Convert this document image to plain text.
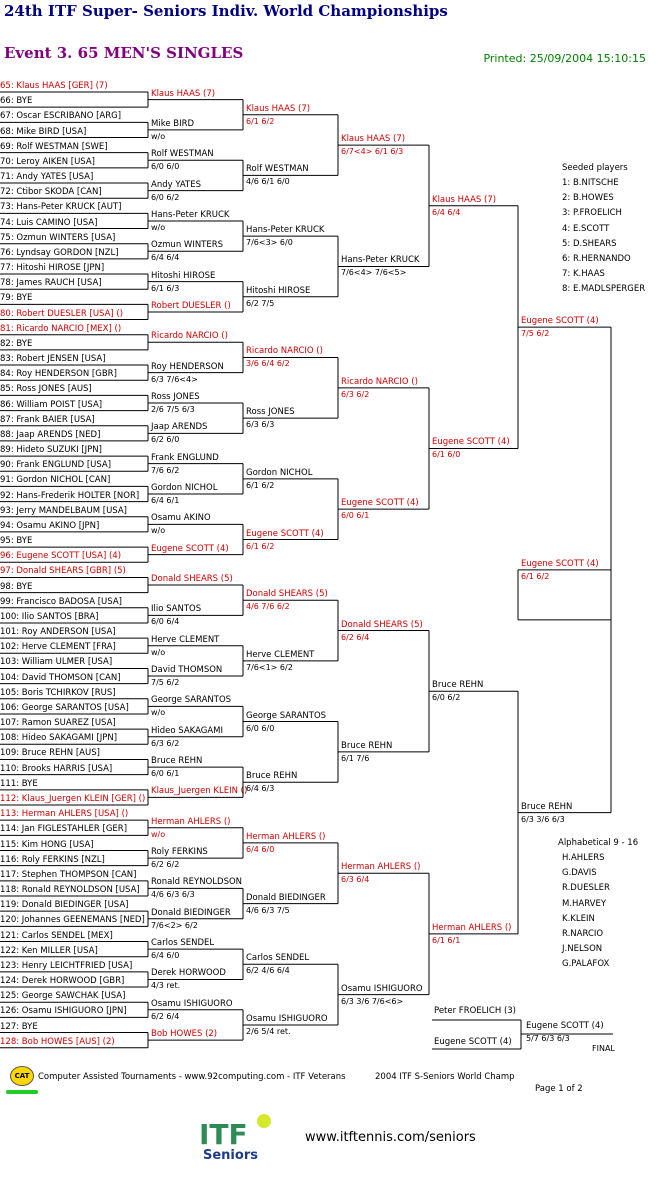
24th ITF Super- Seniors Indiv. World Championships
Event 3. 65 MEN'S SINGLES	Printed: 25/09/2004 15:10:15
65: Klaus HAAS [GER] (7)
66: BYE
67: Oscar ESCRIBANO [ARG]
68: Mike BIRD [USA]
69: Rolf WESTMAN [SWE]
70: Leroy AIKEN [USA]
71: Andy YATES [USA]
72: Ctibor SKODA [CAN]
73: Hans-Peter KRUCK [AUT]
74: Luis CAMINO [USA]
75: Ozmun WINTERS [USA]
76: Lyndsay GORDON [NZL]
77: Hitoshi HIROSE [JPN]
78: James RAUCH [USA]
79: BYE
80: Robert DUESLER [USA] ()
81: Ricardo NARCIO [MEX] ()
82: BYE
83: Robert JENSEN [USA]
84: Roy HENDERSON [GBR]
85: Ross JONES [AUS]
86: William POIST [USA]
87: Frank BAIER [USA]
88: Jaap ARENDS [NED]
89: Hideto SUZUKI [JPN]
90: Frank ENGLUND [USA]
91: Gordon NICHOL [CAN]
92: Hans-Frederik HOLTER [NOR]
93: Jerry MANDELBAUM [USA]
94: Osamu AKINO [JPN]
95: BYE
96: Eugene SCOTT [USA] (4)
97: Donald SHEARS [GBR] (5)
98: BYE
99: Francisco BADOSA [USA]
100: Ilio SANTOS [BRA]
101: Roy ANDERSON [USA]
102: Herve CLEMENT [FRA]
103: William ULMER [USA]
104: David THOMSON [CAN]
105: Boris TCHIRKOV [RUS]
106: George SARANTOS [USA]
107: Ramon SUAREZ [USA]
108: Hideo SAKAGAMI [JPN]
109: Bruce REHN [AUS]
110: Brooks HARRIS [USA]
111: BYE
112: Klaus_Juergen KLEIN [GER] ()
113: Herman AHLERS [USA] ()
114: Jan FIGLESTAHLER [GER]
115: Kim HONG [USA]
116: Roly FERKINS [NZL]
117: Stephen THOMPSON [CAN]
118: Ronald REYNOLDSON [USA]
119: Donald BIEDINGER [USA]
120: Johannes GEENEMANS [NED]
121: Carlos SENDEL [MEX]
122: Ken MILLER [USA]
123: Henry LEICHTFRIED [USA]
124: Derek HORWOOD [GBR]
125: George SAWCHAK [USA]
126: Osamu ISHIGUORO [JPN]
127: BYE
128: Bob HOWES [AUS] (2)
Klaus HAAS (7)
Mike BIRD
w/o
Rolf WESTMAN
6/0 6/0
Andy YATES
6/0 6/2
Hans-Peter KRUCK
w/o
Ozmun WINTERS
6/4 6/4
Hitoshi HIROSE
6/1 6/3
Robert DUESLER ()
Ricardo NARCIO ()
Roy HENDERSON
6/3 7/6<4>
Ross JONES
2/6 7/5 6/3
Jaap ARENDS
6/2 6/0
Frank ENGLUND
7/6 6/2
Gordon NICHOL
6/4 6/1
Osamu AKINO
w/o
Eugene SCOTT (4)
Donald SHEARS (5)
Ilio SANTOS
6/0 6/4
Herve CLEMENT
w/o
David THOMSON
7/5 6/2
George SARANTOS
w/o
Hideo SAKAGAMI
6/3 6/2
Bruce REHN
6/0 6/1
Klaus_Juergen KLEIN ()
Herman AHLERS ()
w/o
Roly FERKINS
6/2 6/2
Ronald REYNOLDSON
4/6 6/3 6/3
Donald BIEDINGER
7/6<2> 6/2
Carlos SENDEL
6/4 6/0
Derek HORWOOD
4/3 ret.
Osamu ISHIGUORO
6/2 6/4
Bob HOWES (2)
Klaus HAAS (7)
6/1 6/2
Rolf WESTMAN
4/6 6/1 6/0
Hans-Peter KRUCK
7/6<3> 6/0
Hitoshi HIROSE
6/2 7/5
Ricardo NARCIO ()
3/6 6/4 6/2
Ross JONES
6/3 6/3
Gordon NICHOL
6/1 6/2
Eugene SCOTT (4)
6/1 6/2
Donald SHEARS (5)
4/6 7/6 6/2
Herve CLEMENT
7/6<1> 6/2
George SARANTOS
6/0 6/0
Bruce REHN
6/4 6/3
Herman AHLERS ()
6/4 6/0
Donald BIEDINGER
4/6 6/3 7/5
Carlos SENDEL
6/2 4/6 6/4
Osamu ISHIGUORO
2/6 5/4 ret.
Klaus HAAS (7)
6/7<4> 6/1 6/3
Hans-Peter KRUCK
7/6<4> 7/6<5>
Ricardo NARCIO ()
6/3 6/2
Eugene SCOTT (4)
6/0 6/1
Donald SHEARS (5)
6/2 6/4
Bruce REHN
6/1 7/6
Herman AHLERS ()
6/3 6/4
Osamu ISHIGUORO
6/3 3/6 7/6<6>
Klaus HAAS (7)
6/4 6/4
Eugene SCOTT (4)
6/1 6/0
Bruce REHN
6/0 6/2
Herman AHLERS ()
6/1 6/1
Eugene SCOTT (4)
7/5 6/2
Bruce REHN
6/3 3/6 6/3
Eugene SCOTT (4)
6/1 6/2
Peter FROELICH (3)
Eugene SCOTT (4)
Eugene SCOTT (4)
5/7 6/3 6/3
FINAL
Seeded players
1: B.NITSCHE
2: B.HOWES
3: P.FROELICH
4: E.SCOTT
5: D.SHEARS
6: R.HERNANDO
7: K.HAAS
8: E.MADLSPERGER
Alphabetical 9 - 16
H.AHLERS
G.DAVIS
R.DUESLER
M.HARVEY
K.KLEIN
R.NARCIO
J.NELSON
G.PALAFOX
CAT	Computer Assisted Tournaments - www.92computing.com - ITF Veterans	2004 ITF S-Seniors World Champ
Page 1 of 2
ITF
Seniors
www.itftennis.com/seniors
